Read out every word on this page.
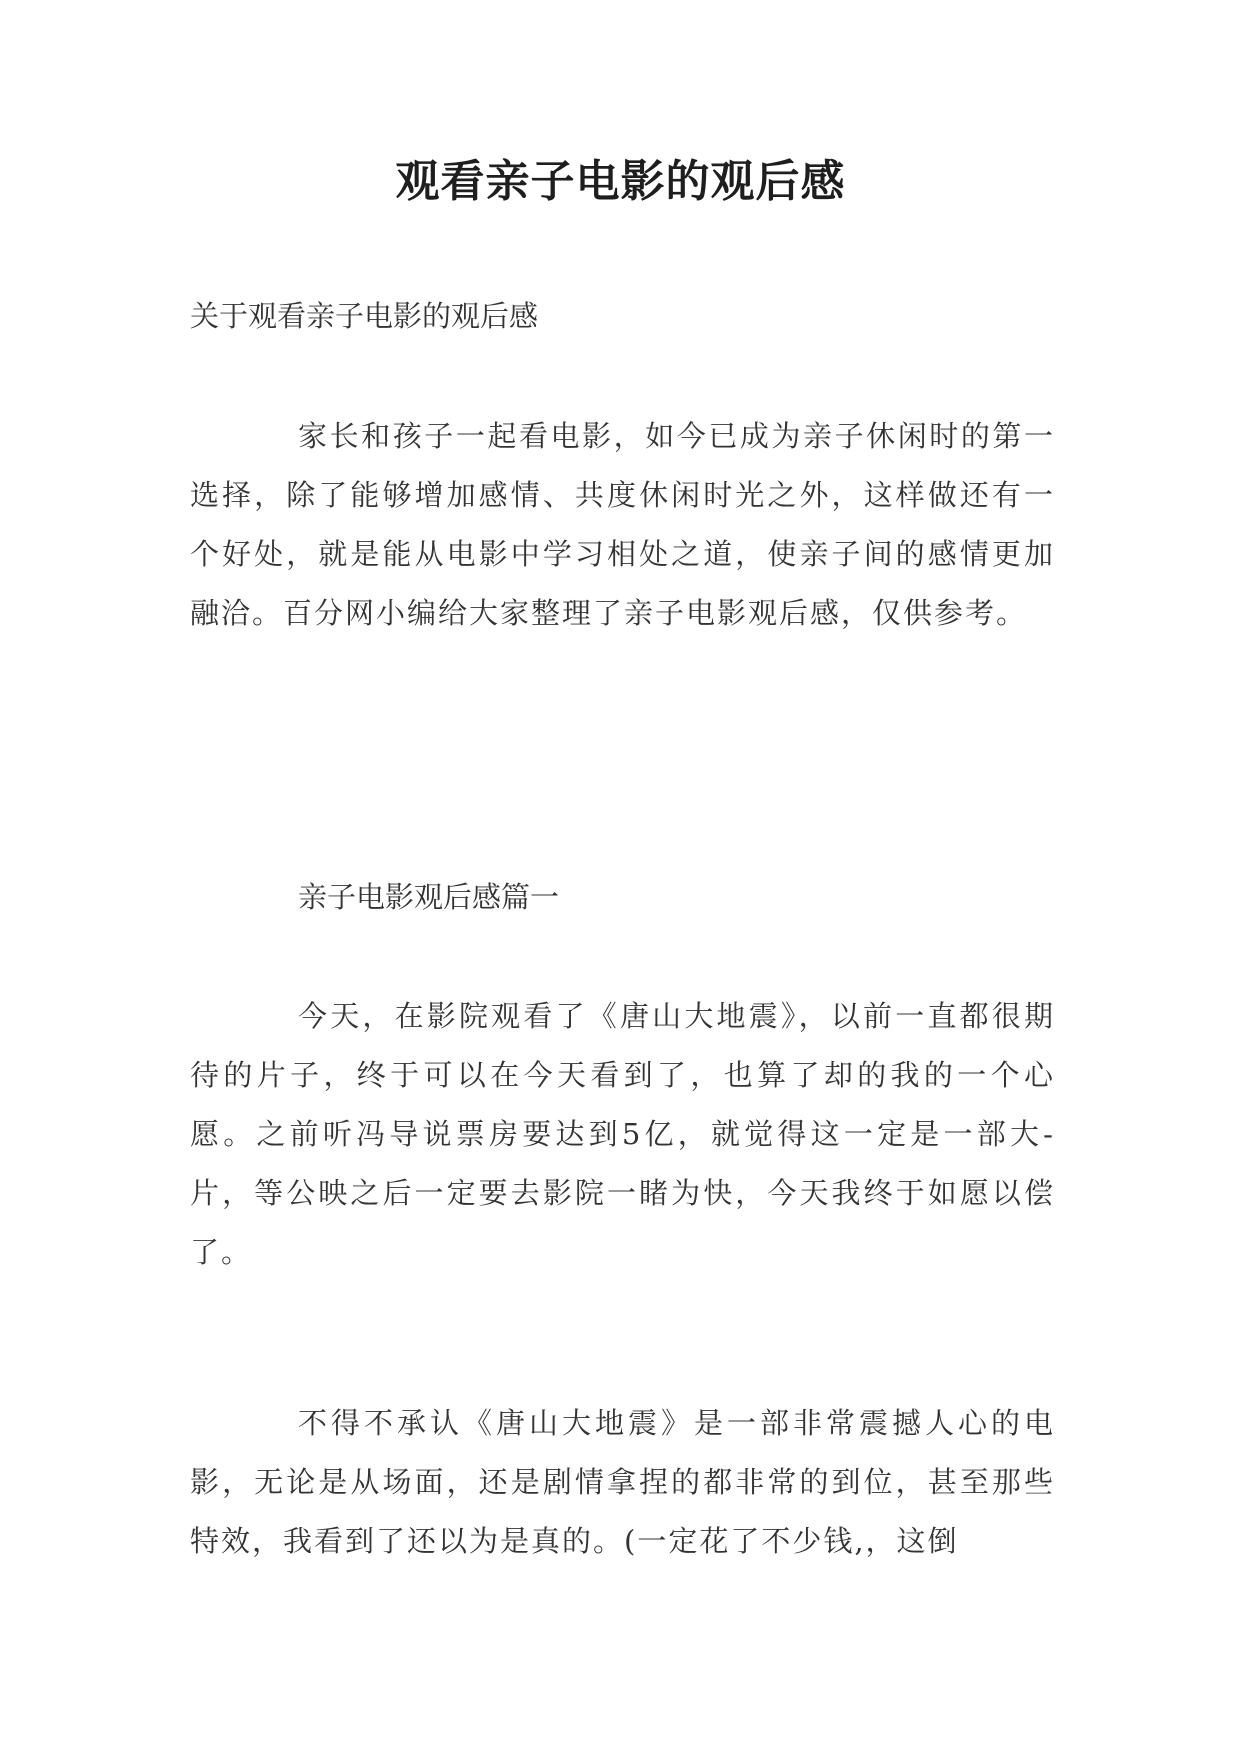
观看亲子电影的观后感
关于观看亲子电影的观后感
家长和孩子一起看电影，如今已成为亲子休闲时的第一选择，除了能够增加感情、共度休闲时光之外，这样做还有一个好处，就是能从电影中学习相处之道，使亲子间的感情更加融洽。百分网小编给大家整理了亲子电影观后感，仅供参考。
亲子电影观后感篇一
今天，在影院观看了《唐山大地震》，以前一直都很期待的片子，终于可以在今天看到了，也算了却的我的一个心愿。之前听冯导说票房要达到5亿，就觉得这一定是一部大-片，等公映之后一定要去影院一睹为快，今天我终于如愿以偿了。
不得不承认《唐山大地震》是一部非常震撼人心的电影，无论是从场面，还是剧情拿捏的都非常的到位，甚至那些特效，我看到了还以为是真的。(一定花了不少钱,，这倒
